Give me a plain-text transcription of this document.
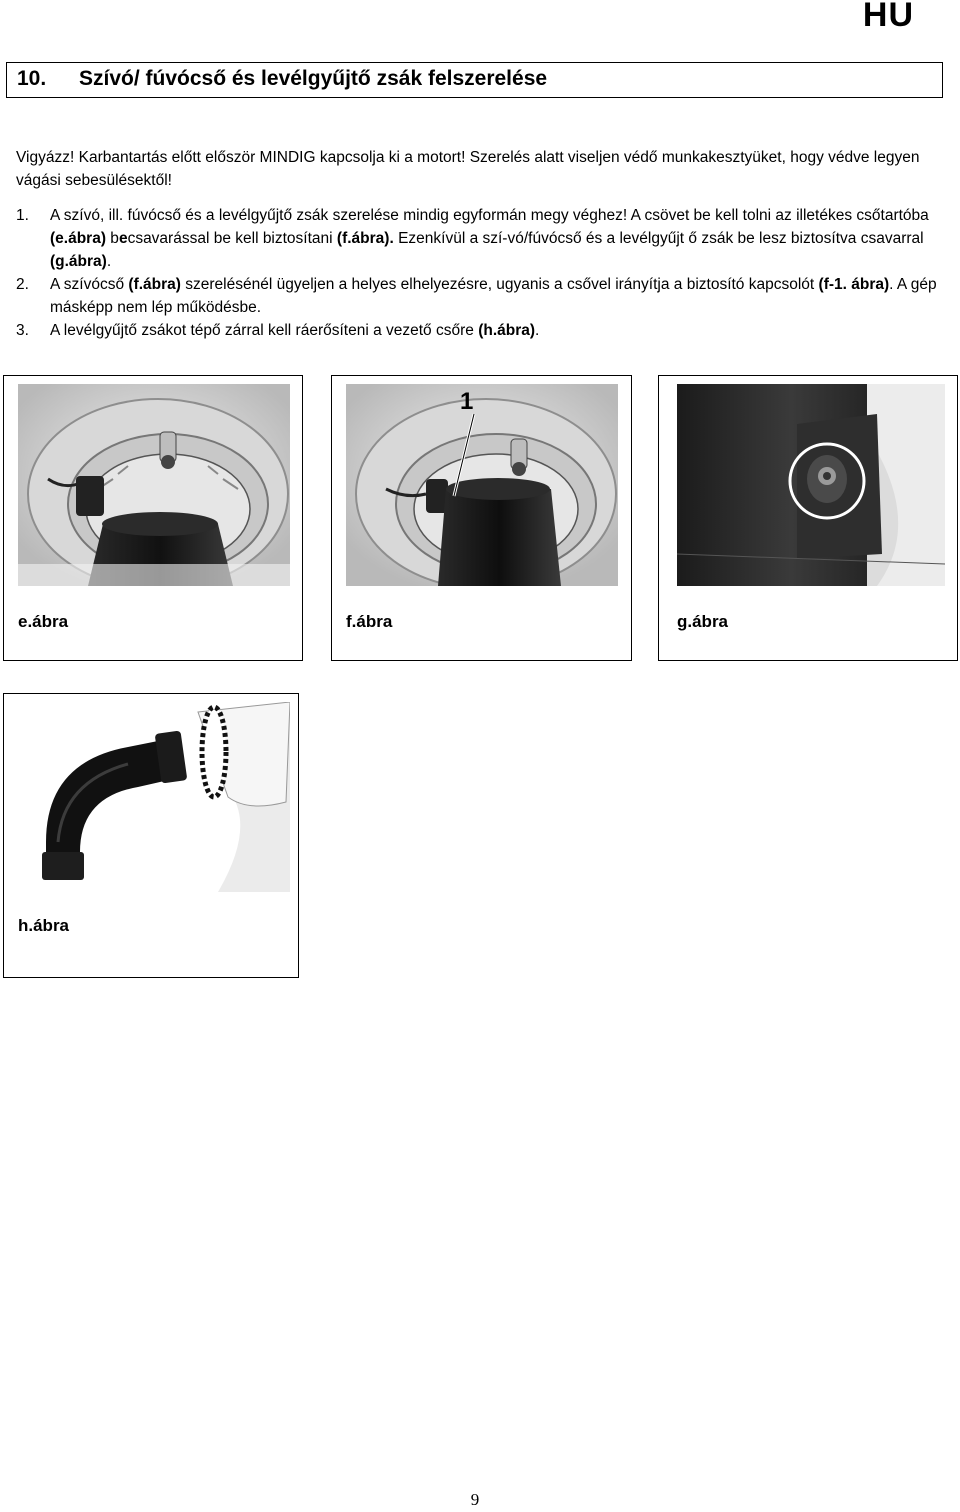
HU
10. Szívó/ fúvócső és levélgyűjtő zsák felszerelése

Vigyázz! Karbantartás előtt először MINDIG kapcsolja ki a motort! Szerelés alatt viseljen védő munkakesztyüket, hogy védve legyen vágási sebesülésektől!

1.	A szívó, ill. fúvócső és a levélgyűjtő zsák szerelése mindig egyformán megy véghez! A csövet be kell tolni az illetékes csőtartóba (e.ábra) becsavarással be kell biztosítani (f.ábra). Ezenkívül a szí-vó/fúvócső és a levélgyűjt ő zsák be lesz biztosítva csavarral (g.ábra).
2.	A szívócső (f.ábra) szerelésénél ügyeljen a helyes elhelyezésre, ugyanis a csővel irányítja a biztosító kapcsolót (f-1. ábra). A gép másképp nem lép működésbe.
3.	A levélgyűjtő zsákot tépő zárral kell ráerősíteni a vezető csőre (h.ábra).
e.ábra
1
f.ábra	g.ábra
h.ábra
9
